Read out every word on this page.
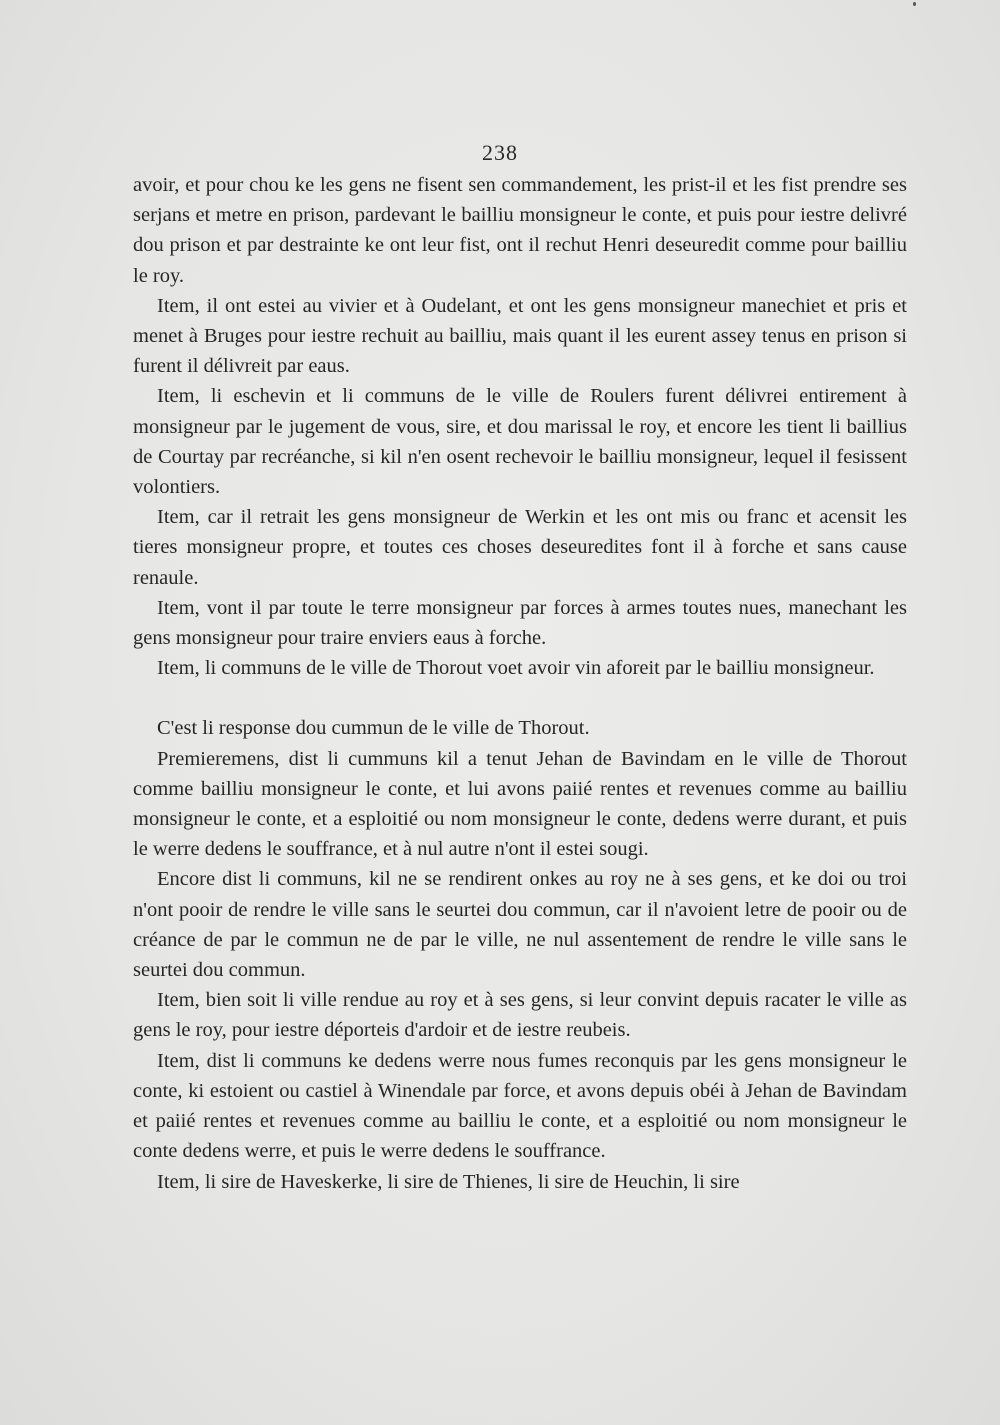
238

avoir, et pour chou ke les gens ne fisent sen commandement, les prist-il et les fist prendre ses serjans et metre en prison, pardevant le bailliu monsigneur le conte, et puis pour iestre delivré dou prison et par destrainte ke ont leur fist, ont il rechut Henri deseuredit comme pour bailliu le roy.

Item, il ont estei au vivier et à Oudelant, et ont les gens monsigneur manechiet et pris et menet à Bruges pour iestre rechuit au bailliu, mais quant il les eurent assey tenus en prison si furent il délivreit par eaus.

Item, li eschevin et li communs de le ville de Roulers furent délivrei entirement à monsigneur par le jugement de vous, sire, et dou marissal le roy, et encore les tient li baillius de Courtay par recréanche, si kil n'en osent rechevoir le bailliu monsigneur, lequel il fesissent volontiers.

Item, car il retrait les gens monsigneur de Werkin et les ont mis ou franc et acensit les tieres monsigneur propre, et toutes ces choses deseuredites font il à forche et sans cause renaule.

Item, vont il par toute le terre monsigneur par forces à armes toutes nues, manechant les gens monsigneur pour traire enviers eaus à forche.

Item, li communs de le ville de Thorout voet avoir vin aforeit par le bailliu monsigneur.

C'est li response dou cummun de le ville de Thorout.

Premieremens, dist li cummuns kil a tenut Jehan de Bavindam en le ville de Thorout comme bailliu monsigneur le conte, et lui avons paiié rentes et revenues comme au bailliu monsigneur le conte, et a esploitié ou nom monsigneur le conte, dedens werre durant, et puis le werre dedens le souffrance, et à nul autre n'ont il estei sougi.

Encore dist li communs, kil ne se rendirent onkes au roy ne à ses gens, et ke doi ou troi n'ont pooir de rendre le ville sans le seurtei dou commun, car il n'avoient letre de pooir ou de créance de par le commun ne de par le ville, ne nul assentement de rendre le ville sans le seurtei dou commun.

Item, bien soit li ville rendue au roy et à ses gens, si leur convint depuis racater le ville as gens le roy, pour iestre déporteis d'ardoir et de iestre reubeis.

Item, dist li communs ke dedens werre nous fumes reconquis par les gens monsigneur le conte, ki estoient ou castiel à Winendale par force, et avons depuis obéi à Jehan de Bavindam et paiié rentes et revenues comme au bailliu le conte, et a esploitié ou nom monsigneur le conte dedens werre, et puis le werre dedens le souffrance.

Item, li sire de Haveskerke, li sire de Thienes, li sire de Heuchin, li sire
